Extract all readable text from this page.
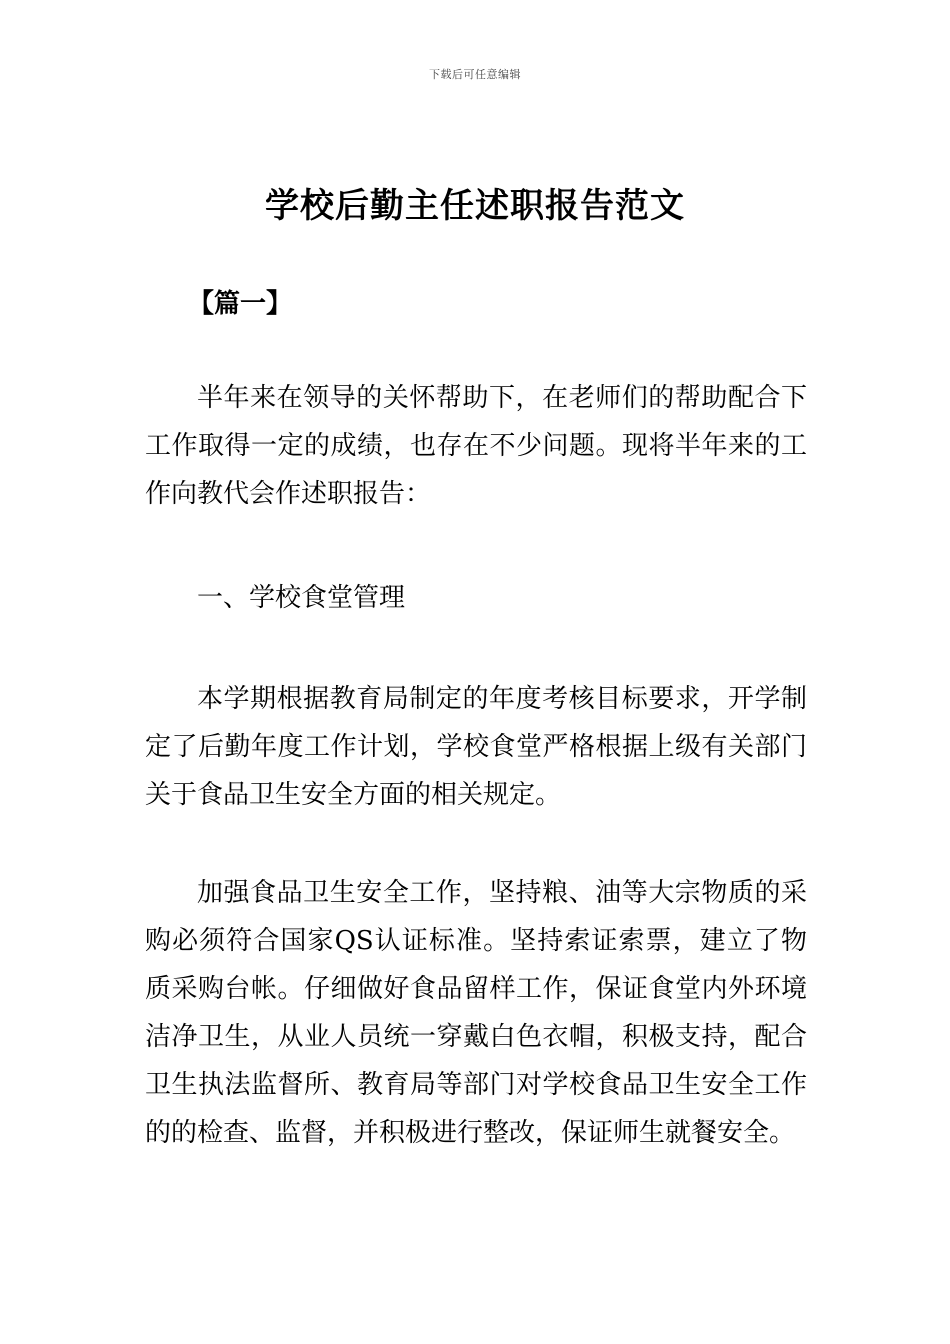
下载后可任意编辑
学校后勤主任述职报告范文
【篇一】

半年来在领导的关怀帮助下，在老师们的帮助配合下工作取得一定的成绩，也存在不少问题。现将半年来的工作向教代会作述职报告：

一、学校食堂管理

本学期根据教育局制定的年度考核目标要求，开学制定了后勤年度工作计划，学校食堂严格根据上级有关部门关于食品卫生安全方面的相关规定。

加强食品卫生安全工作，坚持粮、油等大宗物质的采购必须符合国家QS认证标准。坚持索证索票，建立了物质采购台帐。仔细做好食品留样工作，保证食堂内外环境洁净卫生，从业人员统一穿戴白色衣帽，积极支持，配合卫生执法监督所、教育局等部门对学校食品卫生安全工作的的检查、监督，并积极进行整改，保证师生就餐安全。
